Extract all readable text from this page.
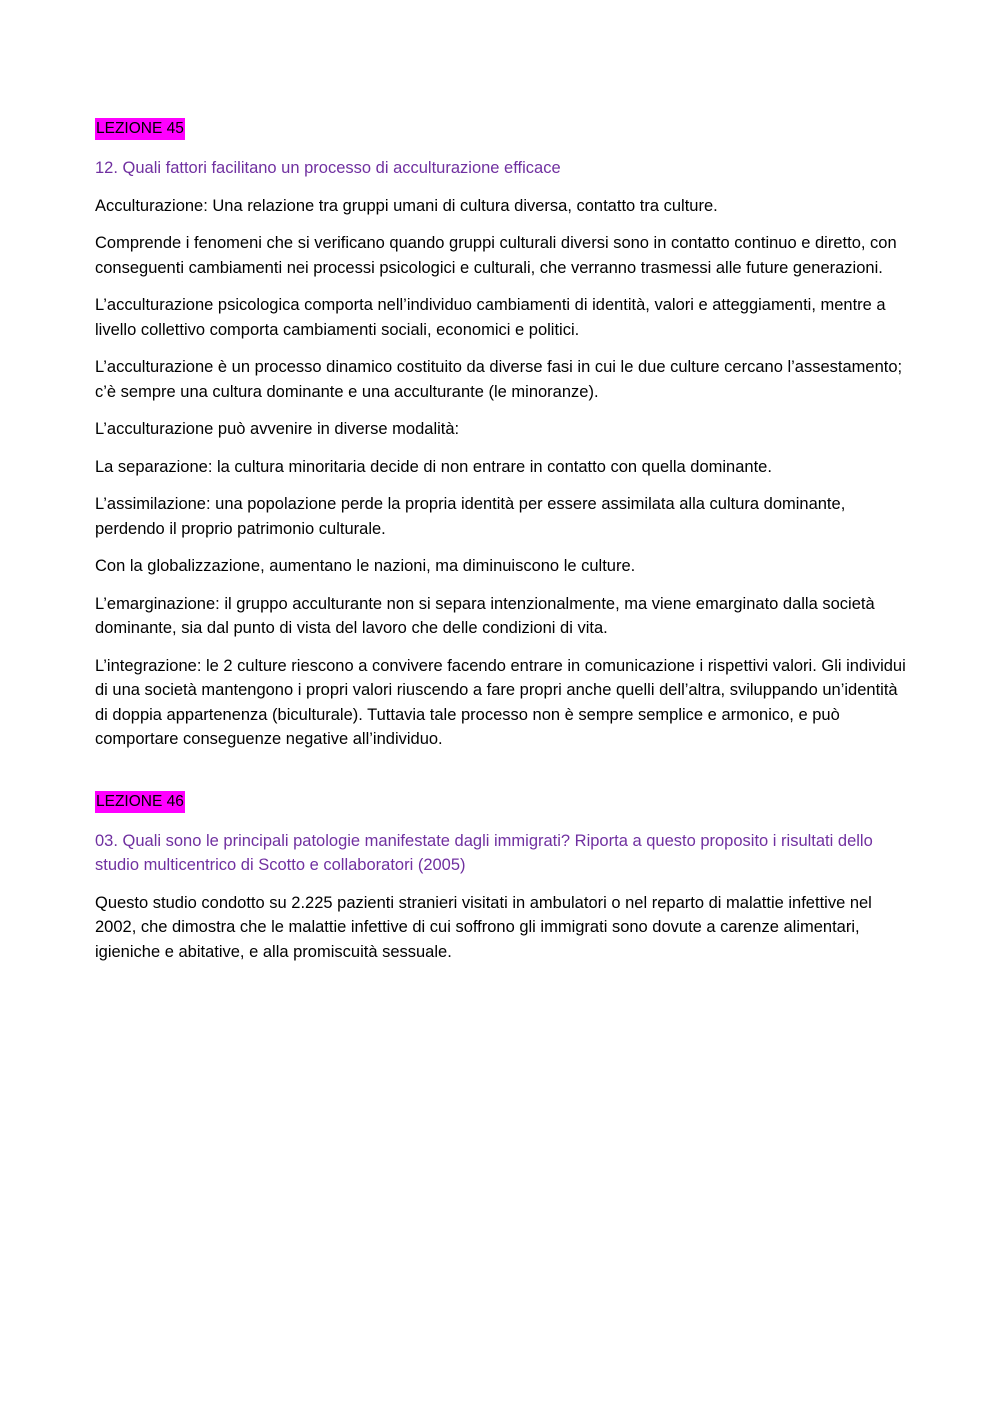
LEZIONE 45

12. Quali fattori facilitano un processo di acculturazione efficace

Acculturazione: Una relazione tra gruppi umani di cultura diversa, contatto tra culture.

Comprende i fenomeni che si verificano quando gruppi culturali diversi sono in contatto continuo e diretto, con conseguenti cambiamenti nei processi psicologici e culturali, che verranno trasmessi alle future generazioni.

L’acculturazione psicologica comporta nell’individuo cambiamenti di identità, valori e atteggiamenti, mentre a livello collettivo comporta cambiamenti sociali, economici e politici.

L’acculturazione è un processo dinamico costituito da diverse fasi in cui le due culture cercano l’assestamento; c’è sempre una cultura dominante e una acculturante (le minoranze).

L’acculturazione può avvenire in diverse modalità:

La separazione: la cultura minoritaria decide di non entrare in contatto con quella dominante.

L’assimilazione: una popolazione perde la propria identità per essere assimilata alla cultura dominante, perdendo il proprio patrimonio culturale.

Con la globalizzazione, aumentano le nazioni, ma diminuiscono le culture.

L’emarginazione: il gruppo acculturante non si separa intenzionalmente, ma viene emarginato dalla società dominante, sia dal punto di vista del lavoro che delle condizioni di vita.

L’integrazione: le 2 culture riescono a convivere facendo entrare in comunicazione i rispettivi valori. Gli individui di una società mantengono i propri valori riuscendo a fare propri anche quelli dell’altra, sviluppando un’identità di doppia appartenenza (biculturale). Tuttavia tale processo non è sempre semplice e armonico, e può comportare conseguenze negative all’individuo.

LEZIONE 46

03. Quali sono le principali patologie manifestate dagli immigrati? Riporta a questo proposito i risultati dello studio multicentrico di Scotto e collaboratori (2005)

Questo studio condotto su 2.225 pazienti stranieri visitati in ambulatori o nel reparto di malattie infettive nel 2002, che dimostra che le malattie infettive di cui soffrono gli immigrati sono dovute a carenze alimentari, igieniche e abitative, e alla promiscuità sessuale.
